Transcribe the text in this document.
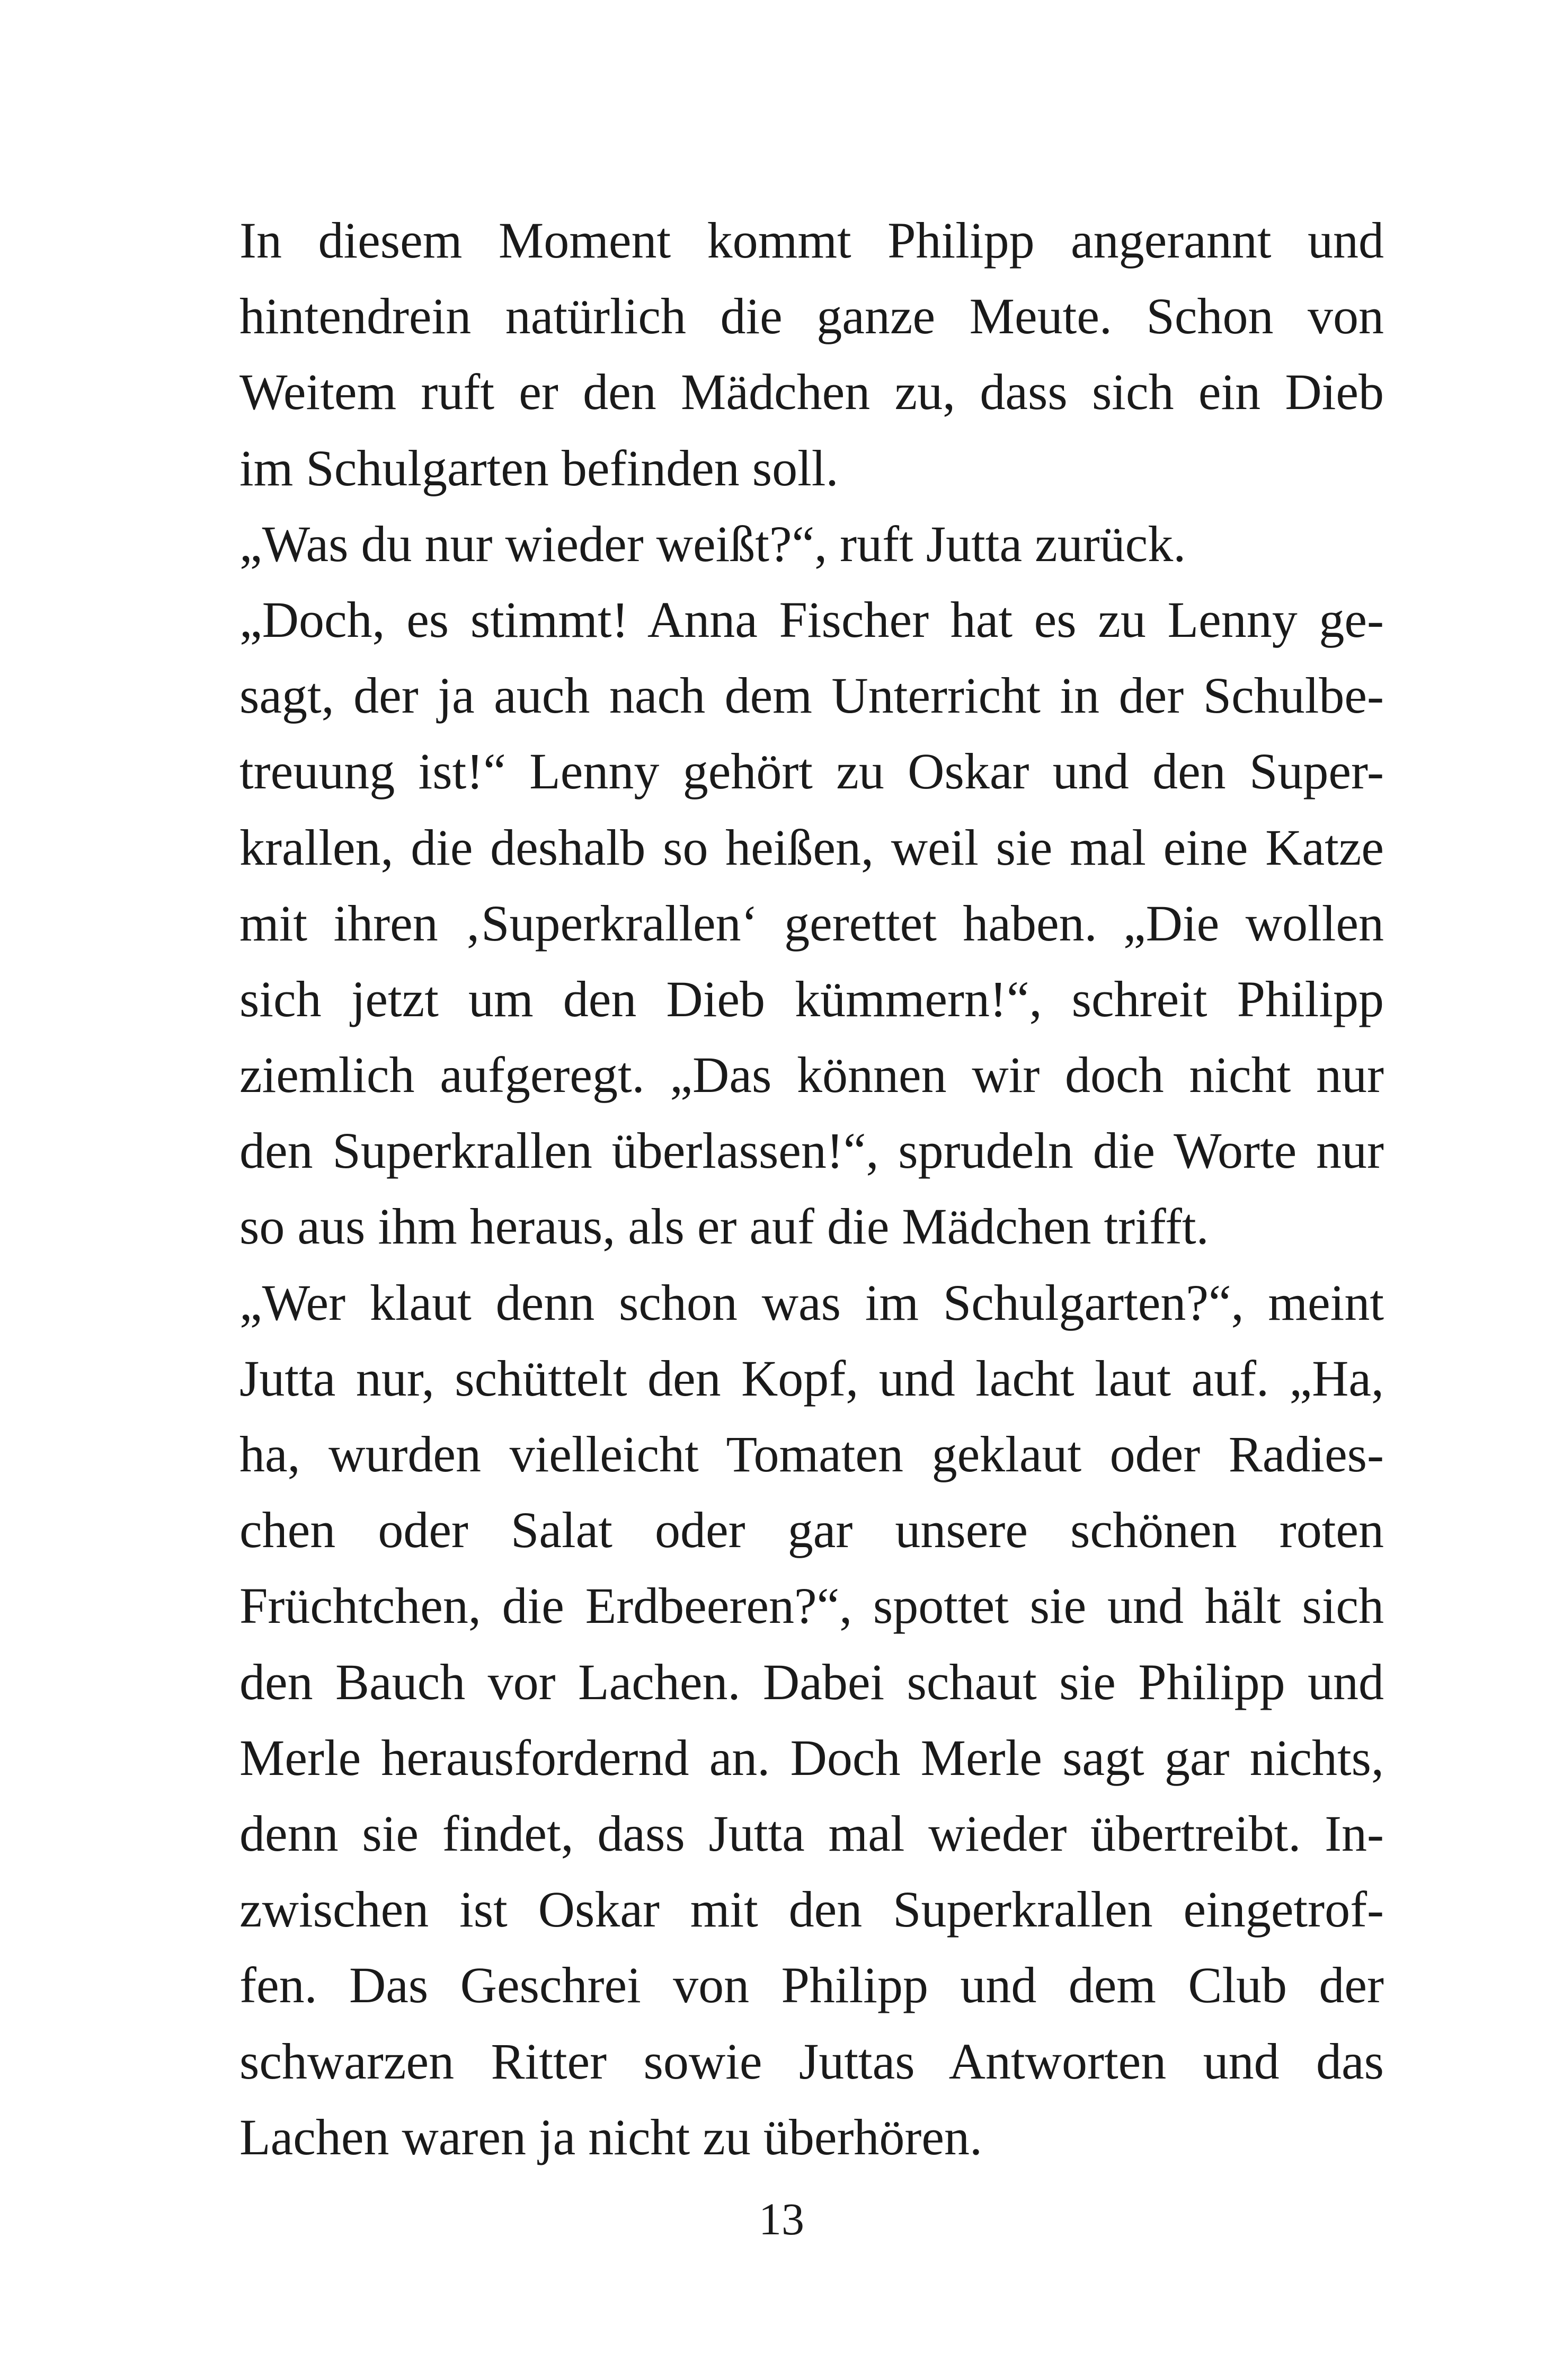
In diesem Moment kommt Philipp angerannt und
hintendrein natürlich die ganze Meute. Schon von
Weitem ruft er den Mädchen zu, dass sich ein Dieb
im Schulgarten befinden soll.
„Was du nur wieder weißt?“, ruft Jutta zurück.
„Doch, es stimmt! Anna Fischer hat es zu Lenny ge-
sagt, der ja auch nach dem Unterricht in der Schulbe-
treuung ist!“ Lenny gehört zu Oskar und den Super-
krallen, die deshalb so heißen, weil sie mal eine Katze
mit ihren ‚Superkrallen‘ gerettet haben. „Die wollen
sich jetzt um den Dieb kümmern!“, schreit Philipp
ziemlich aufgeregt. „Das können wir doch nicht nur
den Superkrallen überlassen!“, sprudeln die Worte nur
so aus ihm heraus, als er auf die Mädchen trifft.
„Wer klaut denn schon was im Schulgarten?“, meint
Jutta nur, schüttelt den Kopf, und lacht laut auf. „Ha,
ha, wurden vielleicht Tomaten geklaut oder Radies-
chen oder Salat oder gar unsere schönen roten
Früchtchen, die Erdbeeren?“, spottet sie und hält sich
den Bauch vor Lachen. Dabei schaut sie Philipp und
Merle herausfordernd an. Doch Merle sagt gar nichts,
denn sie findet, dass Jutta mal wieder übertreibt. In-
zwischen ist Oskar mit den Superkrallen eingetrof-
fen. Das Geschrei von Philipp und dem Club der
schwarzen Ritter sowie Juttas Antworten und das
Lachen waren ja nicht zu überhören.
13
